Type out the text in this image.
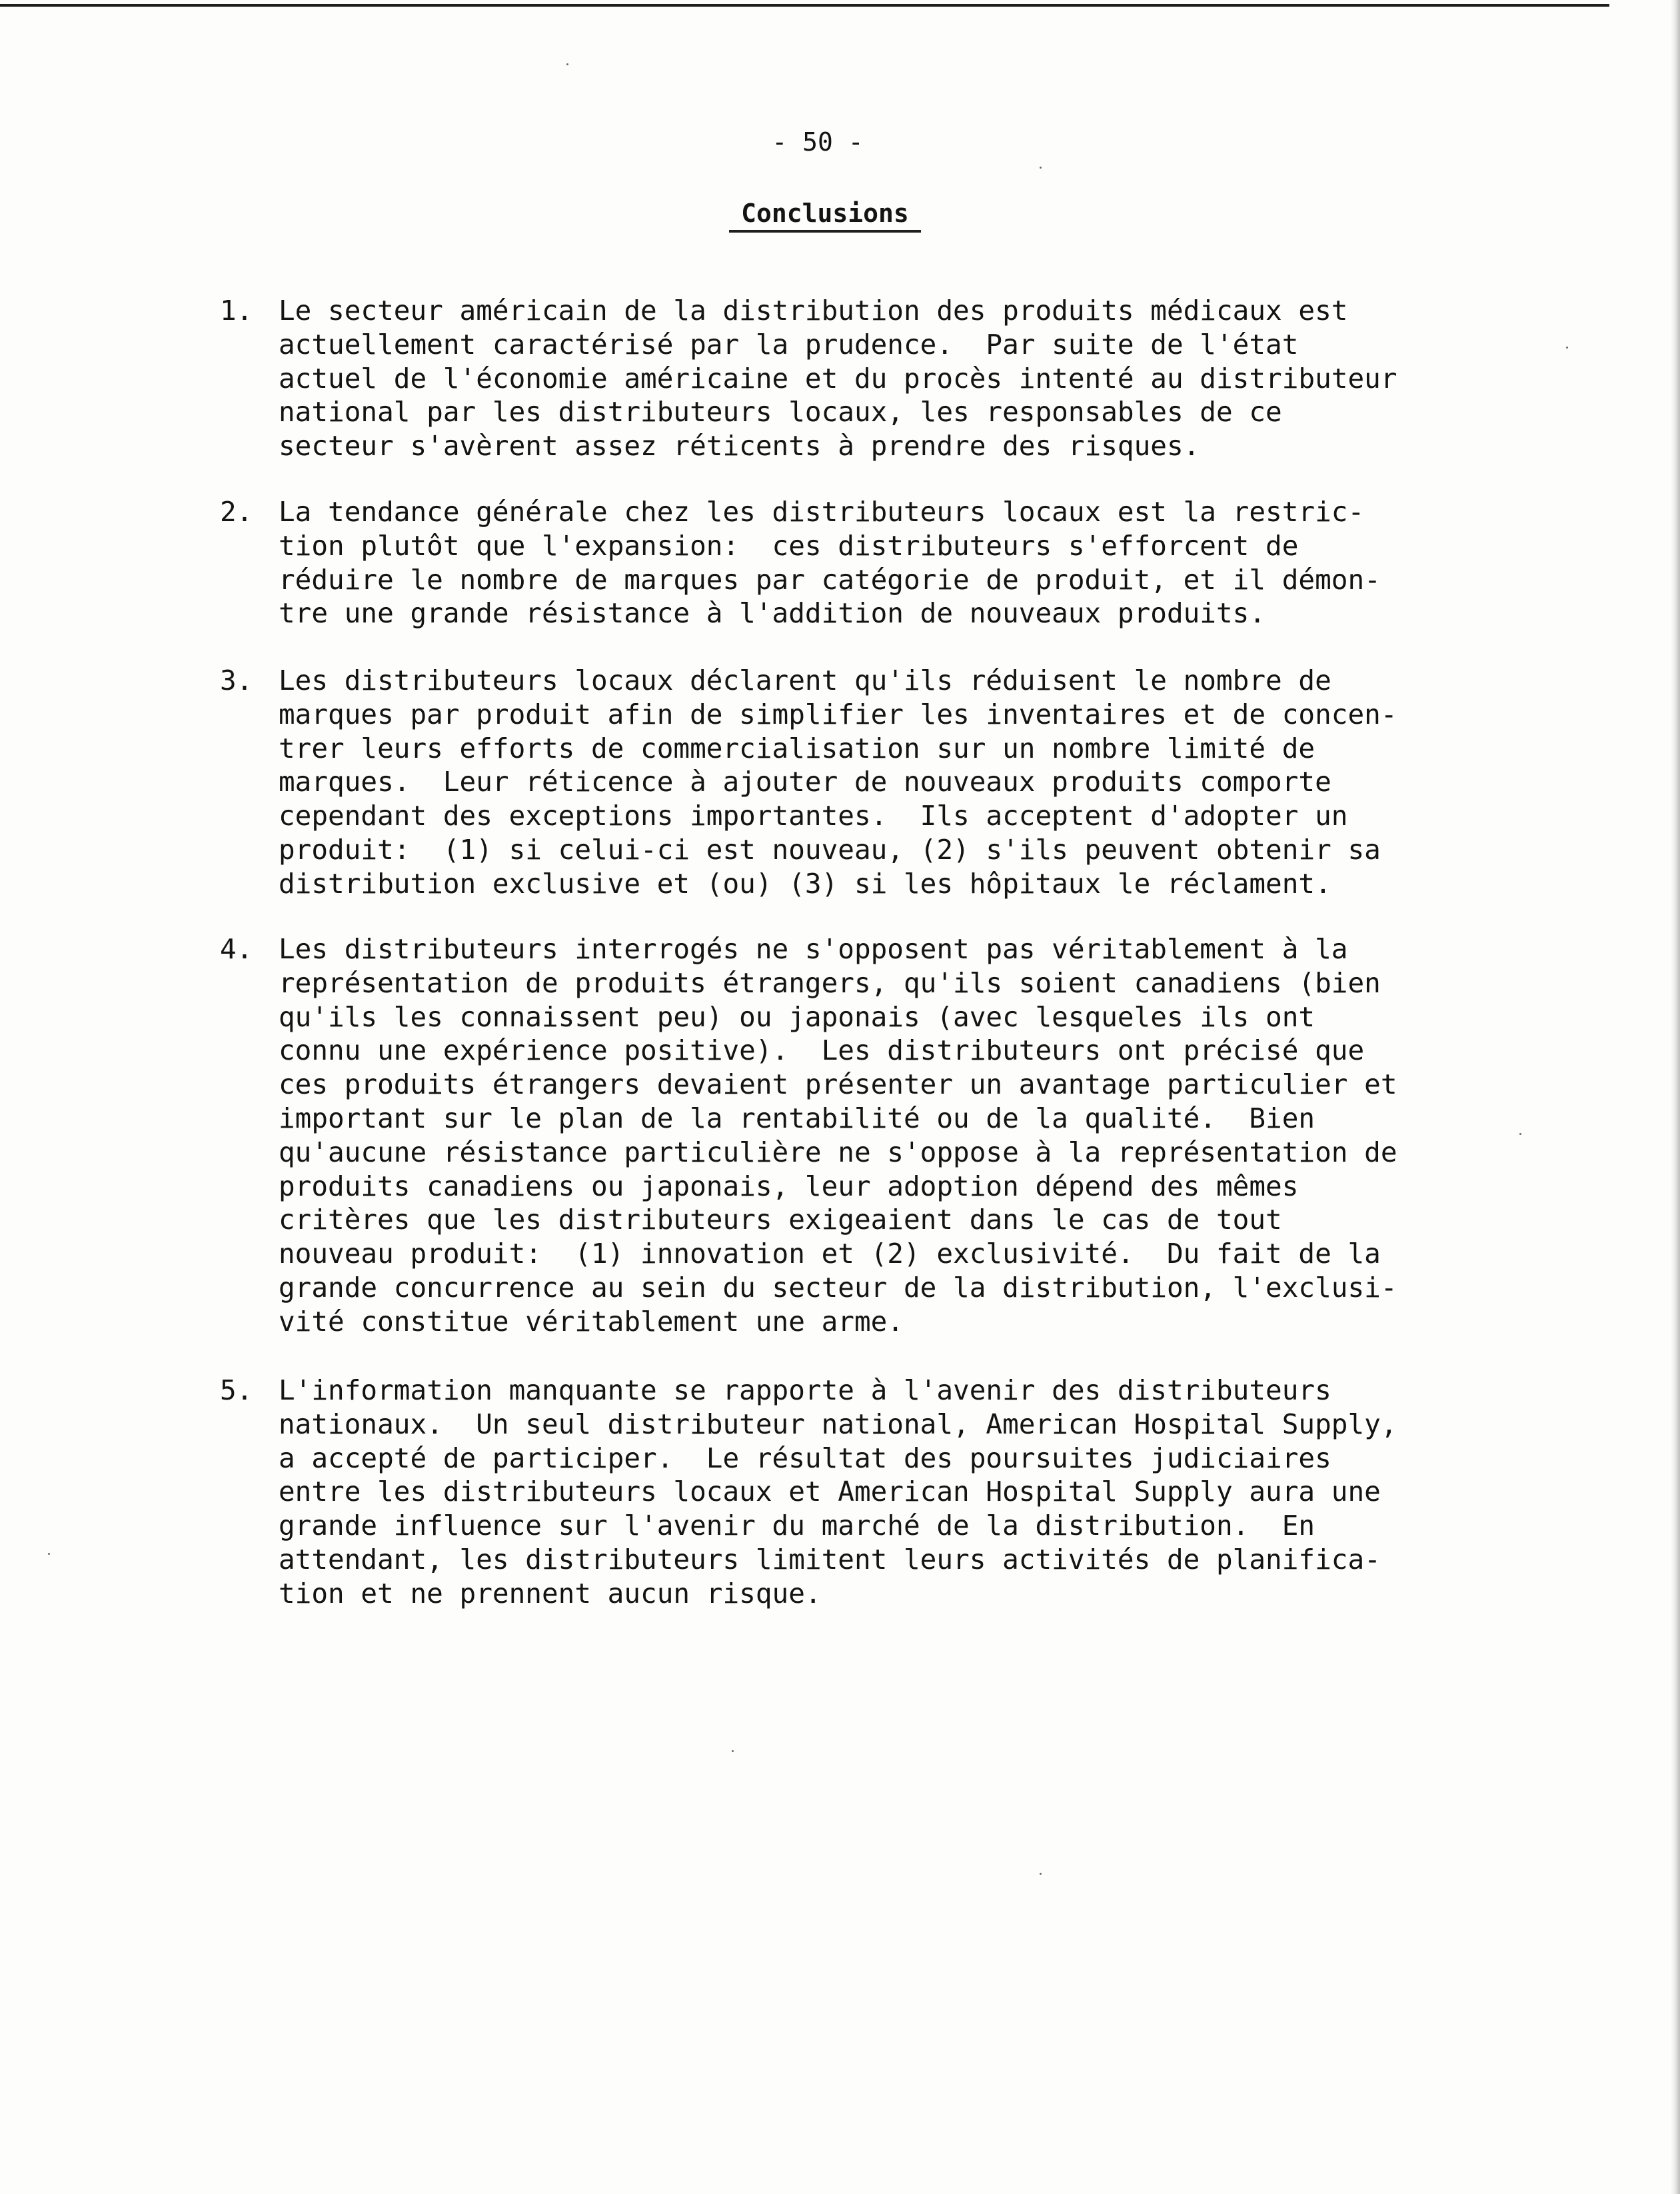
- 50 -
Conclusions
1. Le secteur américain de la distribution des produits médicaux est
actuellement caractérisé par la prudence.  Par suite de l'état
actuel de l'économie américaine et du procès intenté au distributeur
national par les distributeurs locaux, les responsables de ce
secteur s'avèrent assez réticents à prendre des risques.
2. La tendance générale chez les distributeurs locaux est la restric-
tion plutôt que l'expansion:  ces distributeurs s'efforcent de
réduire le nombre de marques par catégorie de produit, et il démon-
tre une grande résistance à l'addition de nouveaux produits.
3. Les distributeurs locaux déclarent qu'ils réduisent le nombre de
marques par produit afin de simplifier les inventaires et de concen-
trer leurs efforts de commercialisation sur un nombre limité de
marques.  Leur réticence à ajouter de nouveaux produits comporte
cependant des exceptions importantes.  Ils acceptent d'adopter un
produit:  (1) si celui-ci est nouveau, (2) s'ils peuvent obtenir sa
distribution exclusive et (ou) (3) si les hôpitaux le réclament.
4. Les distributeurs interrogés ne s'opposent pas véritablement à la
représentation de produits étrangers, qu'ils soient canadiens (bien
qu'ils les connaissent peu) ou japonais (avec lesqueles ils ont
connu une expérience positive).  Les distributeurs ont précisé que
ces produits étrangers devaient présenter un avantage particulier et
important sur le plan de la rentabilité ou de la qualité.  Bien
qu'aucune résistance particulière ne s'oppose à la représentation de
produits canadiens ou japonais, leur adoption dépend des mêmes
critères que les distributeurs exigeaient dans le cas de tout
nouveau produit:  (1) innovation et (2) exclusivité.  Du fait de la
grande concurrence au sein du secteur de la distribution, l'exclusi-
vité constitue véritablement une arme.
5. L'information manquante se rapporte à l'avenir des distributeurs
nationaux.  Un seul distributeur national, American Hospital Supply,
a accepté de participer.  Le résultat des poursuites judiciaires
entre les distributeurs locaux et American Hospital Supply aura une
grande influence sur l'avenir du marché de la distribution.  En
attendant, les distributeurs limitent leurs activités de planifica-
tion et ne prennent aucun risque.
